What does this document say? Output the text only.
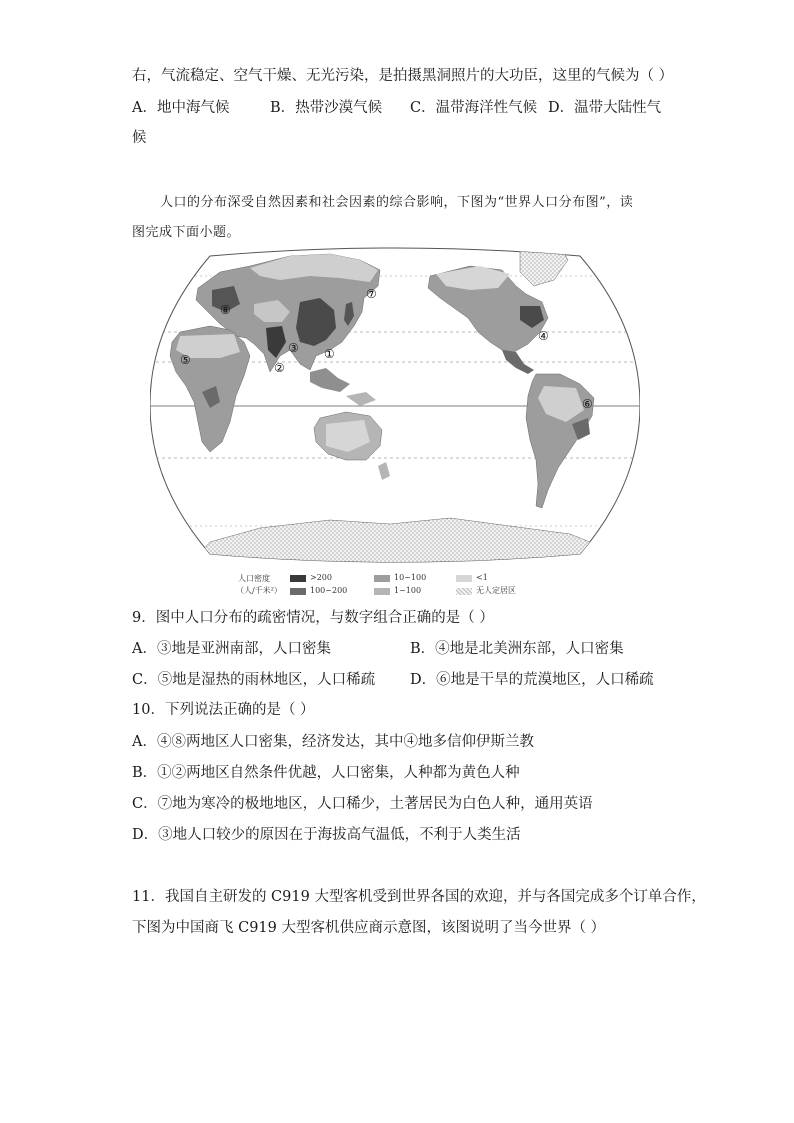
右，气流稳定、空气干燥、无光污染，是拍摄黑洞照片的大功臣，这里的气候为（ ）
A．地中海气候	B．热带沙漠气候 C．温带海洋性气候 D．温带大陆性气
候
人口的分布深受自然因素和社会因素的综合影响，下图为“世界人口分布图”，读
图完成下面小题。
①
②
③
④
⑤
⑥
⑦
⑧
人口密度
（人/千米²）
>200
100~200
10~100
1~100
<1
无人定居区
9．图中人口分布的疏密情况，与数字组合正确的是（ ）
A．③地是亚洲南部，人口密集	B．④地是北美洲东部，人口密集
C．⑤地是湿热的雨林地区，人口稀疏 D．⑥地是干旱的荒漠地区，人口稀疏
10．下列说法正确的是（ ）
A．④⑧两地区人口密集，经济发达，其中④地多信仰伊斯兰教
B．①②两地区自然条件优越，人口密集，人种都为黄色人种
C．⑦地为寒冷的极地地区，人口稀少，土著居民为白色人种，通用英语
D．③地人口较少的原因在于海拔高气温低，不利于人类生活
11．我国自主研发的 C919 大型客机受到世界各国的欢迎，并与各国完成多个订单合作，
下图为中国商飞 C919 大型客机供应商示意图，该图说明了当今世界（ ）
